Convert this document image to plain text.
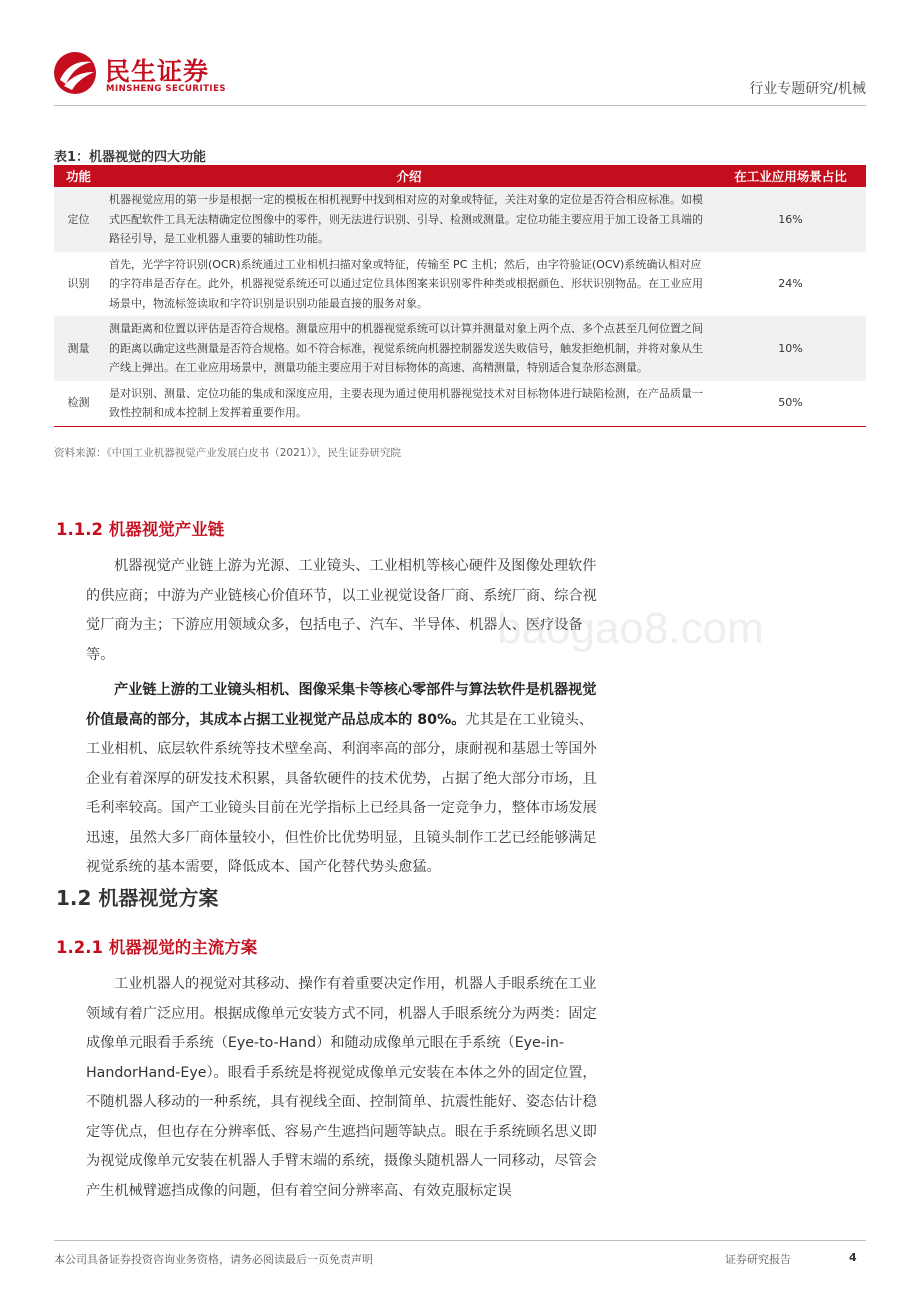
民生证券
MINSHENG SECURITIES	行业专题研究/机械
表1：机器视觉的四大功能
功能	介绍	在工业应用场景占比
定位	机器视觉应用的第一步是根据一定的模板在相机视野中找到相对应的对象或特征，关注对象的定位是否符合相应标准。如模式匹配软件工具无法精确定位图像中的零件，则无法进行识别、引导、检测或测量。定位功能主要应用于加工设备工具端的路径引导，是工业机器人重要的辅助性功能。	16%
识别	首先，光学字符识别(OCR)系统通过工业相机扫描对象或特征，传输至 PC 主机；然后，由字符验证(OCV)系统确认相对应的字符串是否存在。此外，机器视觉系统还可以通过定位具体图案来识别零件种类或根据颜色、形状识别物品。在工业应用场景中，物流标签读取和字符识别是识别功能最直接的服务对象。	24%
测量	测量距离和位置以评估是否符合规格。测量应用中的机器视觉系统可以计算并测量对象上两个点、多个点甚至几何位置之间的距离以确定这些测量是否符合规格。如不符合标准，视觉系统向机器控制器发送失败信号，触发拒绝机制，并将对象从生产线上弹出。在工业应用场景中，测量功能主要应用于对目标物体的高速、高精测量，特别适合复杂形态测量。	10%
检测	是对识别、测量、定位功能的集成和深度应用，主要表现为通过使用机器视觉技术对目标物体进行缺陷检测，在产品质量一致性控制和成本控制上发挥着重要作用。	50%
资料来源：《中国工业机器视觉产业发展白皮书（2021）》，民生证券研究院
1.1.2 机器视觉产业链

机器视觉产业链上游为光源、工业镜头、工业相机等核心硬件及图像处理软件的供应商；中游为产业链核心价值环节，以工业视觉设备厂商、系统厂商、综合视觉厂商为主；下游应用领域众多，包括电子、汽车、半导体、机器人、医疗设备等。

产业链上游的工业镜头相机、图像采集卡等核心零部件与算法软件是机器视觉价值最高的部分，其成本占据工业视觉产品总成本的 80%。尤其是在工业镜头、工业相机、底层软件系统等技术壁垒高、利润率高的部分，康耐视和基恩士等国外企业有着深厚的研发技术积累，具备软硬件的技术优势，占据了绝大部分市场，且毛利率较高。国产工业镜头目前在光学指标上已经具备一定竞争力，整体市场发展迅速，虽然大多厂商体量较小，但性价比优势明显，且镜头制作工艺已经能够满足视觉系统的基本需要，降低成本、国产化替代势头愈猛。

baogao8.com
1.2 机器视觉方案
1.2.1 机器视觉的主流方案

工业机器人的视觉对其移动、操作有着重要决定作用，机器人手眼系统在工业领域有着广泛应用。根据成像单元安装方式不同，机器人手眼系统分为两类：固定成像单元眼看手系统（Eye-to-Hand）和随动成像单元眼在手系统（Eye-in-HandorHand-Eye）。眼看手系统是将视觉成像单元安装在本体之外的固定位置，不随机器人移动的一种系统，具有视线全面、控制简单、抗震性能好、姿态估计稳定等优点，但也存在分辨率低、容易产生遮挡问题等缺点。眼在手系统顾名思义即为视觉成像单元安装在机器人手臂末端的系统，摄像头随机器人一同移动，尽管会产生机械臂遮挡成像的问题，但有着空间分辨率高、有效克服标定误

本公司具备证券投资咨询业务资格，请务必阅读最后一页免责声明	证券研究报告	4
